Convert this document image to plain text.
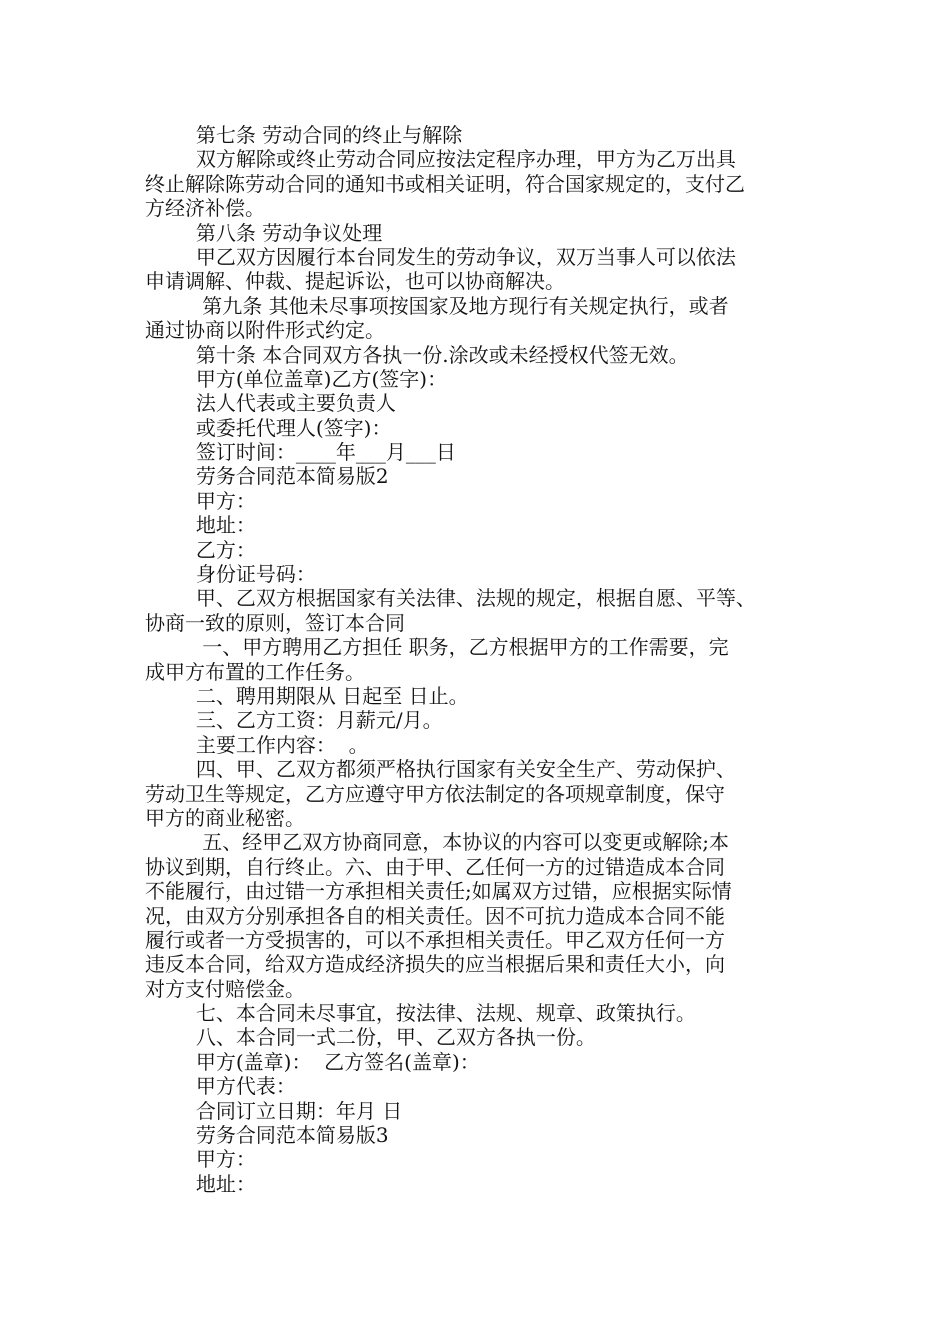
第七条 劳动合同的终止与解除
双方解除或终止劳动合同应按法定程序办理，甲方为乙万出具
终止解除陈劳动合同的通知书或相关证明，符合国家规定的，支付乙
方经济补偿。
第八条 劳动争议处理
甲乙双方因履行本台同发生的劳动争议，双万当事人可以依法
申请调解、仲裁、提起诉讼，也可以协商解决。
第九条 其他未尽事项按国家及地方现行有关规定执行，或者
通过协商以附件形式约定。
第十条 本合同双方各执一份.涂改或未经授权代签无效。
甲方(单位盖章)乙方(签字)：
法人代表或主要负责人
或委托代理人(签字)：
签订时间：____年___月___日
劳务合同范本简易版2
甲方：
地址：
乙方：
身份证号码：
甲、乙双方根据国家有关法律、法规的规定，根据自愿、平等、
协商一致的原则，签订本合同
一、甲方聘用乙方担任 职务，乙方根据甲方的工作需要，完
成甲方布置的工作任务。
二、聘用期限从 日起至 日止。
三、乙方工资：月薪元/月。
主要工作内容：  。
四、甲、乙双方都须严格执行国家有关安全生产、劳动保护、
劳动卫生等规定，乙方应遵守甲方依法制定的各项规章制度，保守
甲方的商业秘密。
五、经甲乙双方协商同意，本协议的内容可以变更或解除;本
协议到期，自行终止。六、由于甲、乙任何一方的过错造成本合同
不能履行，由过错一方承担相关责任;如属双方过错，应根据实际情
况，由双方分别承担各自的相关责任。因不可抗力造成本合同不能
履行或者一方受损害的，可以不承担相关责任。甲乙双方任何一方
违反本合同，给双方造成经济损失的应当根据后果和责任大小，向
对方支付赔偿金。
七、本合同未尽事宜，按法律、法规、规章、政策执行。
八、本合同一式二份，甲、乙双方各执一份。
甲方(盖章)：  乙方签名(盖章)：
甲方代表：
合同订立日期：年月 日
劳务合同范本简易版3
甲方：
地址：
